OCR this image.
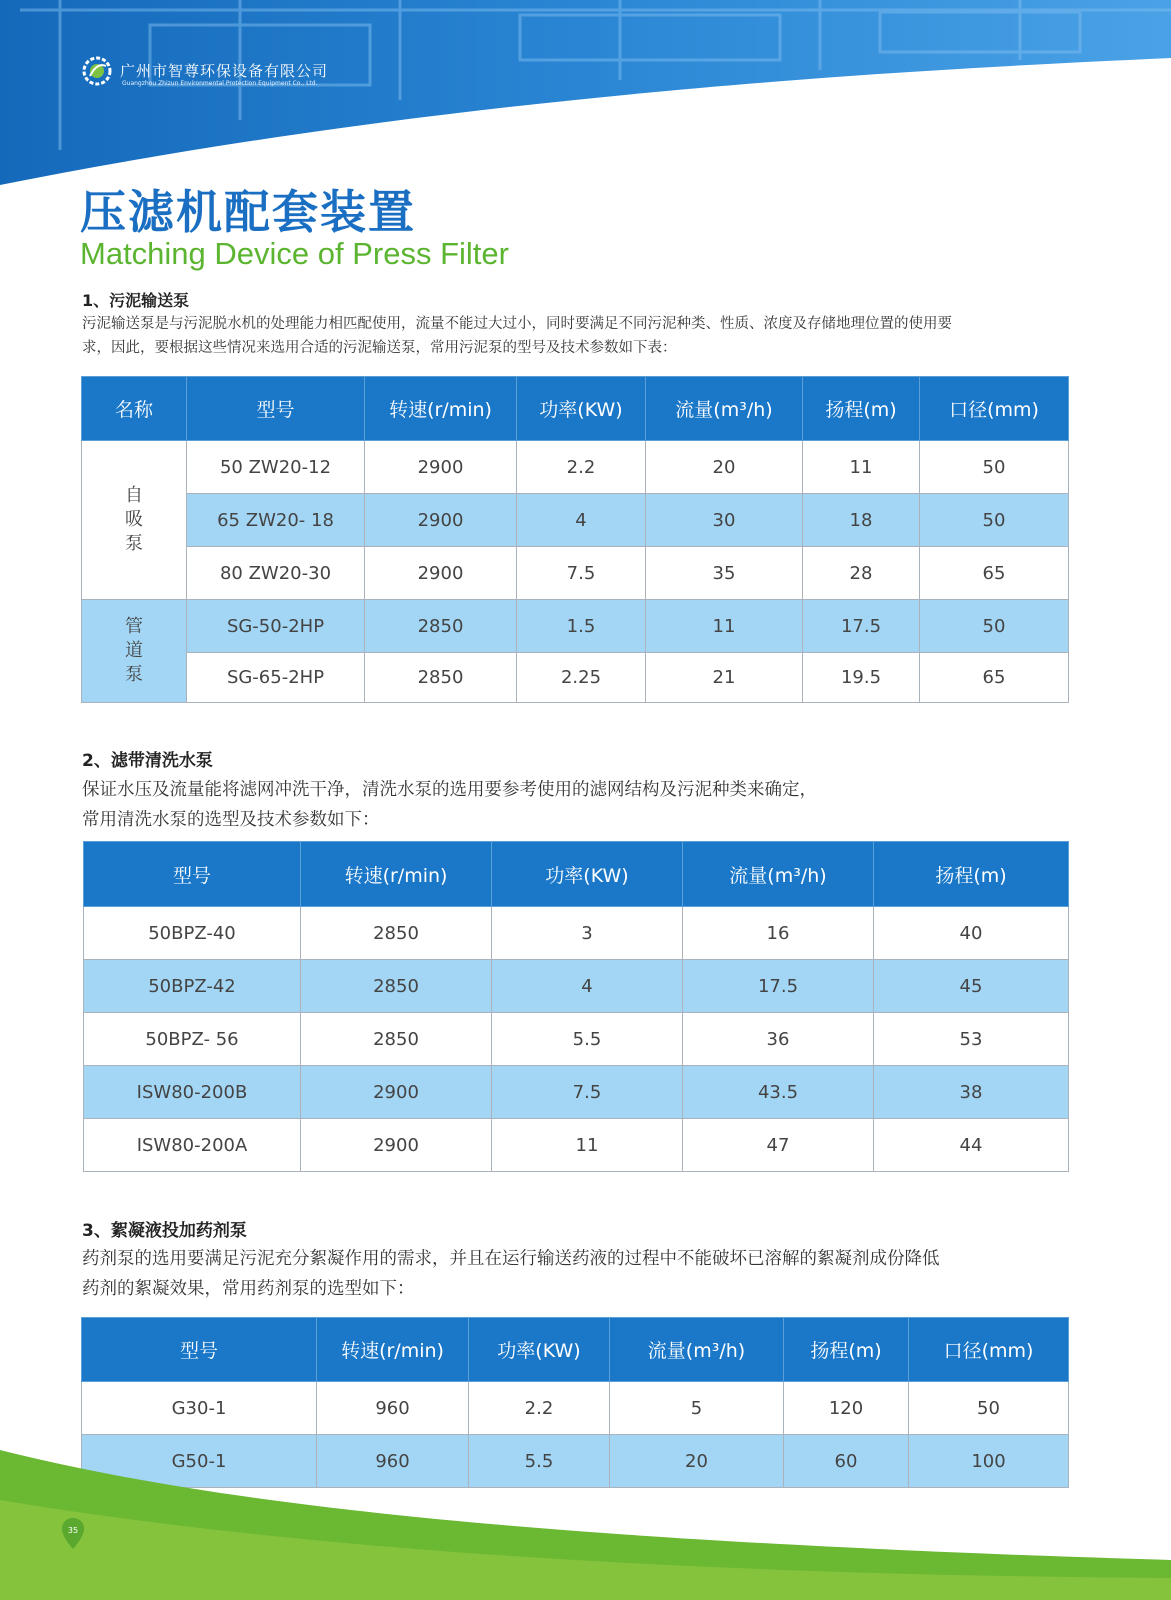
广州市智尊环保设备有限公司
Guangzhou Zhizun Environmental Protection Equipment Co., Ltd.
压滤机配套装置
Matching Device of Press Filter
1、污泥输送泵
污泥输送泵是与污泥脱水机的处理能力相匹配使用，流量不能过大过小，同时要满足不同污泥种类、性质、浓度及存储地理位置的使用要
求，因此，要根据这些情况来选用合适的污泥输送泵，常用污泥泵的型号及技术参数如下表：
名称	型号	转速(r/min)	功率(KW)	流量(m³/h)	扬程(m)	口径(mm)

自吸泵	50 ZW20-12	2900	2.2	20	11	50
	65 ZW20- 18	2900	4	30	18	50
	80 ZW20-30	2900	7.5	35	28	65

管道泵	SG-50-2HP	2850	1.5	11	17.5	50
	SG-65-2HP	2850	2.25	21	19.5	65
2、滤带清洗水泵
保证水压及流量能将滤网冲洗干净，清洗水泵的选用要参考使用的滤网结构及污泥种类来确定，
常用清洗水泵的选型及技术参数如下：
型号	转速(r/min)	功率(KW)	流量(m³/h)	扬程(m)
50BPZ-40	2850	3	16	40
50BPZ-42	2850	4	17.5	45
50BPZ- 56	2850	5.5	36	53
ISW80-200B	2900	7.5	43.5	38
ISW80-200A	2900	11	47	44
3、絮凝液投加药剂泵
药剂泵的选用要满足污泥充分絮凝作用的需求，并且在运行输送药液的过程中不能破坏已溶解的絮凝剂成份降低
药剂的絮凝效果，常用药剂泵的选型如下：
型号	转速(r/min)	功率(KW)	流量(m³/h)	扬程(m)	口径(mm)
G30-1	960	2.2	5	120	50
G50-1	960	5.5	20	60	100
35
